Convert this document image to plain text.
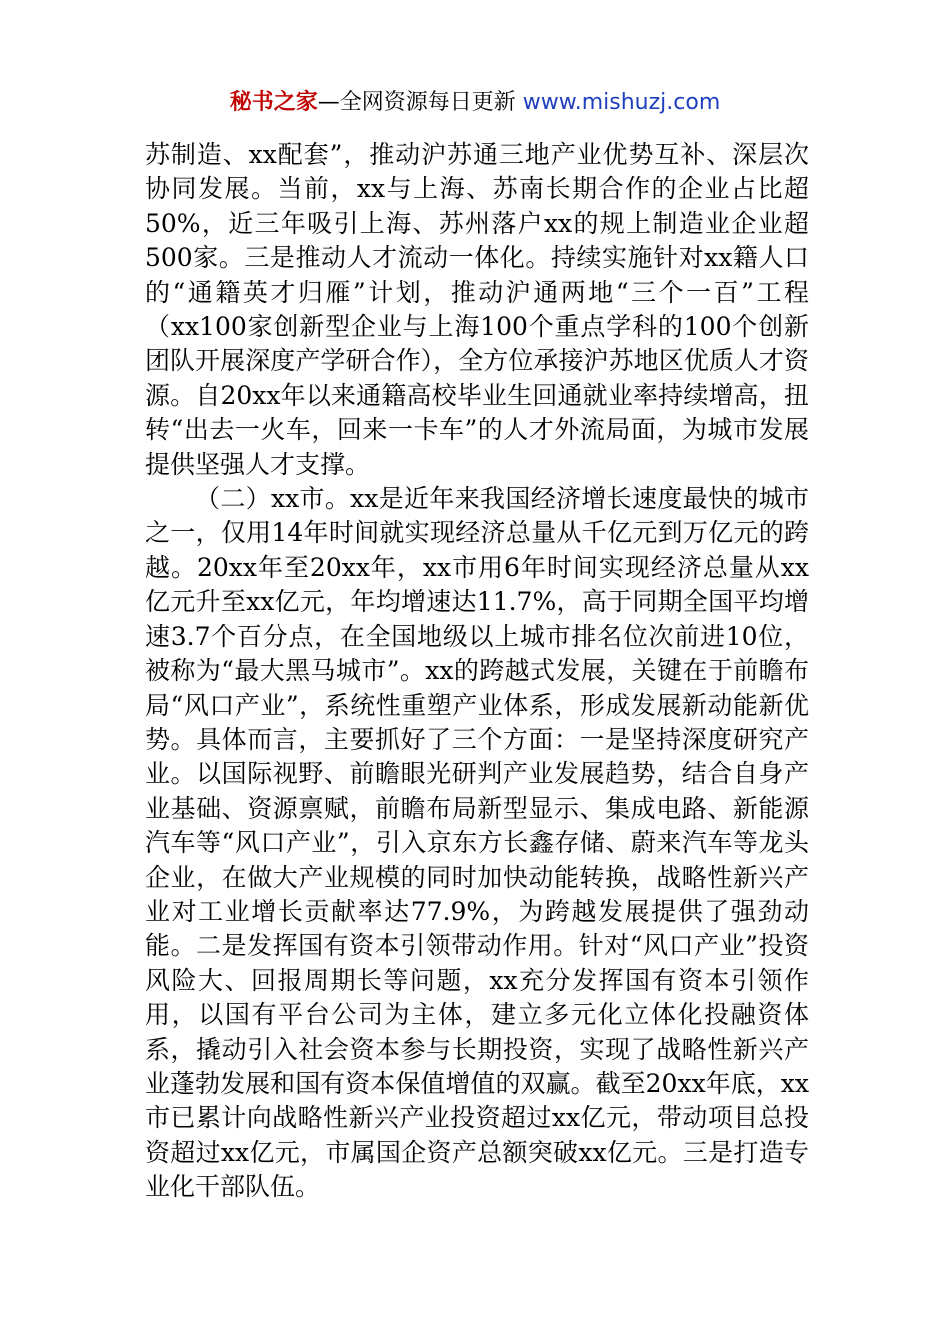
秘书之家—全网资源每日更新 www.mishuzj.com

苏制造、xx配套”，推动沪苏通三地产业优势互补、深层次协同发展。当前，xx与上海、苏南长期合作的企业占比超50%，近三年吸引上海、苏州落户xx的规上制造业企业超500家。三是推动人才流动一体化。持续实施针对xx籍人口的“通籍英才归雁”计划，推动沪通两地“三个一百”工程（xx100家创新型企业与上海100个重点学科的100个创新团队开展深度产学研合作），全方位承接沪苏地区优质人才资源。自20xx年以来通籍高校毕业生回通就业率持续增高，扭转“出去一火车，回来一卡车”的人才外流局面，为城市发展提供坚强人才支撑。

（二）xx市。xx是近年来我国经济增长速度最快的城市之一，仅用14年时间就实现经济总量从千亿元到万亿元的跨越。20xx年至20xx年，xx市用6年时间实现经济总量从xx亿元升至xx亿元，年均增速达11.7%，高于同期全国平均增速3.7个百分点，在全国地级以上城市排名位次前进10位，被称为“最大黑马城市”。xx的跨越式发展，关键在于前瞻布局“风口产业”，系统性重塑产业体系，形成发展新动能新优势。具体而言，主要抓好了三个方面：一是坚持深度研究产业。以国际视野、前瞻眼光研判产业发展趋势，结合自身产业基础、资源禀赋，前瞻布局新型显示、集成电路、新能源汽车等“风口产业”，引入京东方长鑫存储、蔚来汽车等龙头企业，在做大产业规模的同时加快动能转换，战略性新兴产业对工业增长贡献率达77.9%，为跨越发展提供了强劲动能。二是发挥国有资本引领带动作用。针对“风口产业”投资风险大、回报周期长等问题，xx充分发挥国有资本引领作用，以国有平台公司为主体，建立多元化立体化投融资体系，撬动引入社会资本参与长期投资，实现了战略性新兴产业蓬勃发展和国有资本保值增值的双赢。截至20xx年底，xx市已累计向战略性新兴产业投资超过xx亿元，带动项目总投资超过xx亿元，市属国企资产总额突破xx亿元。三是打造专业化干部队伍。
